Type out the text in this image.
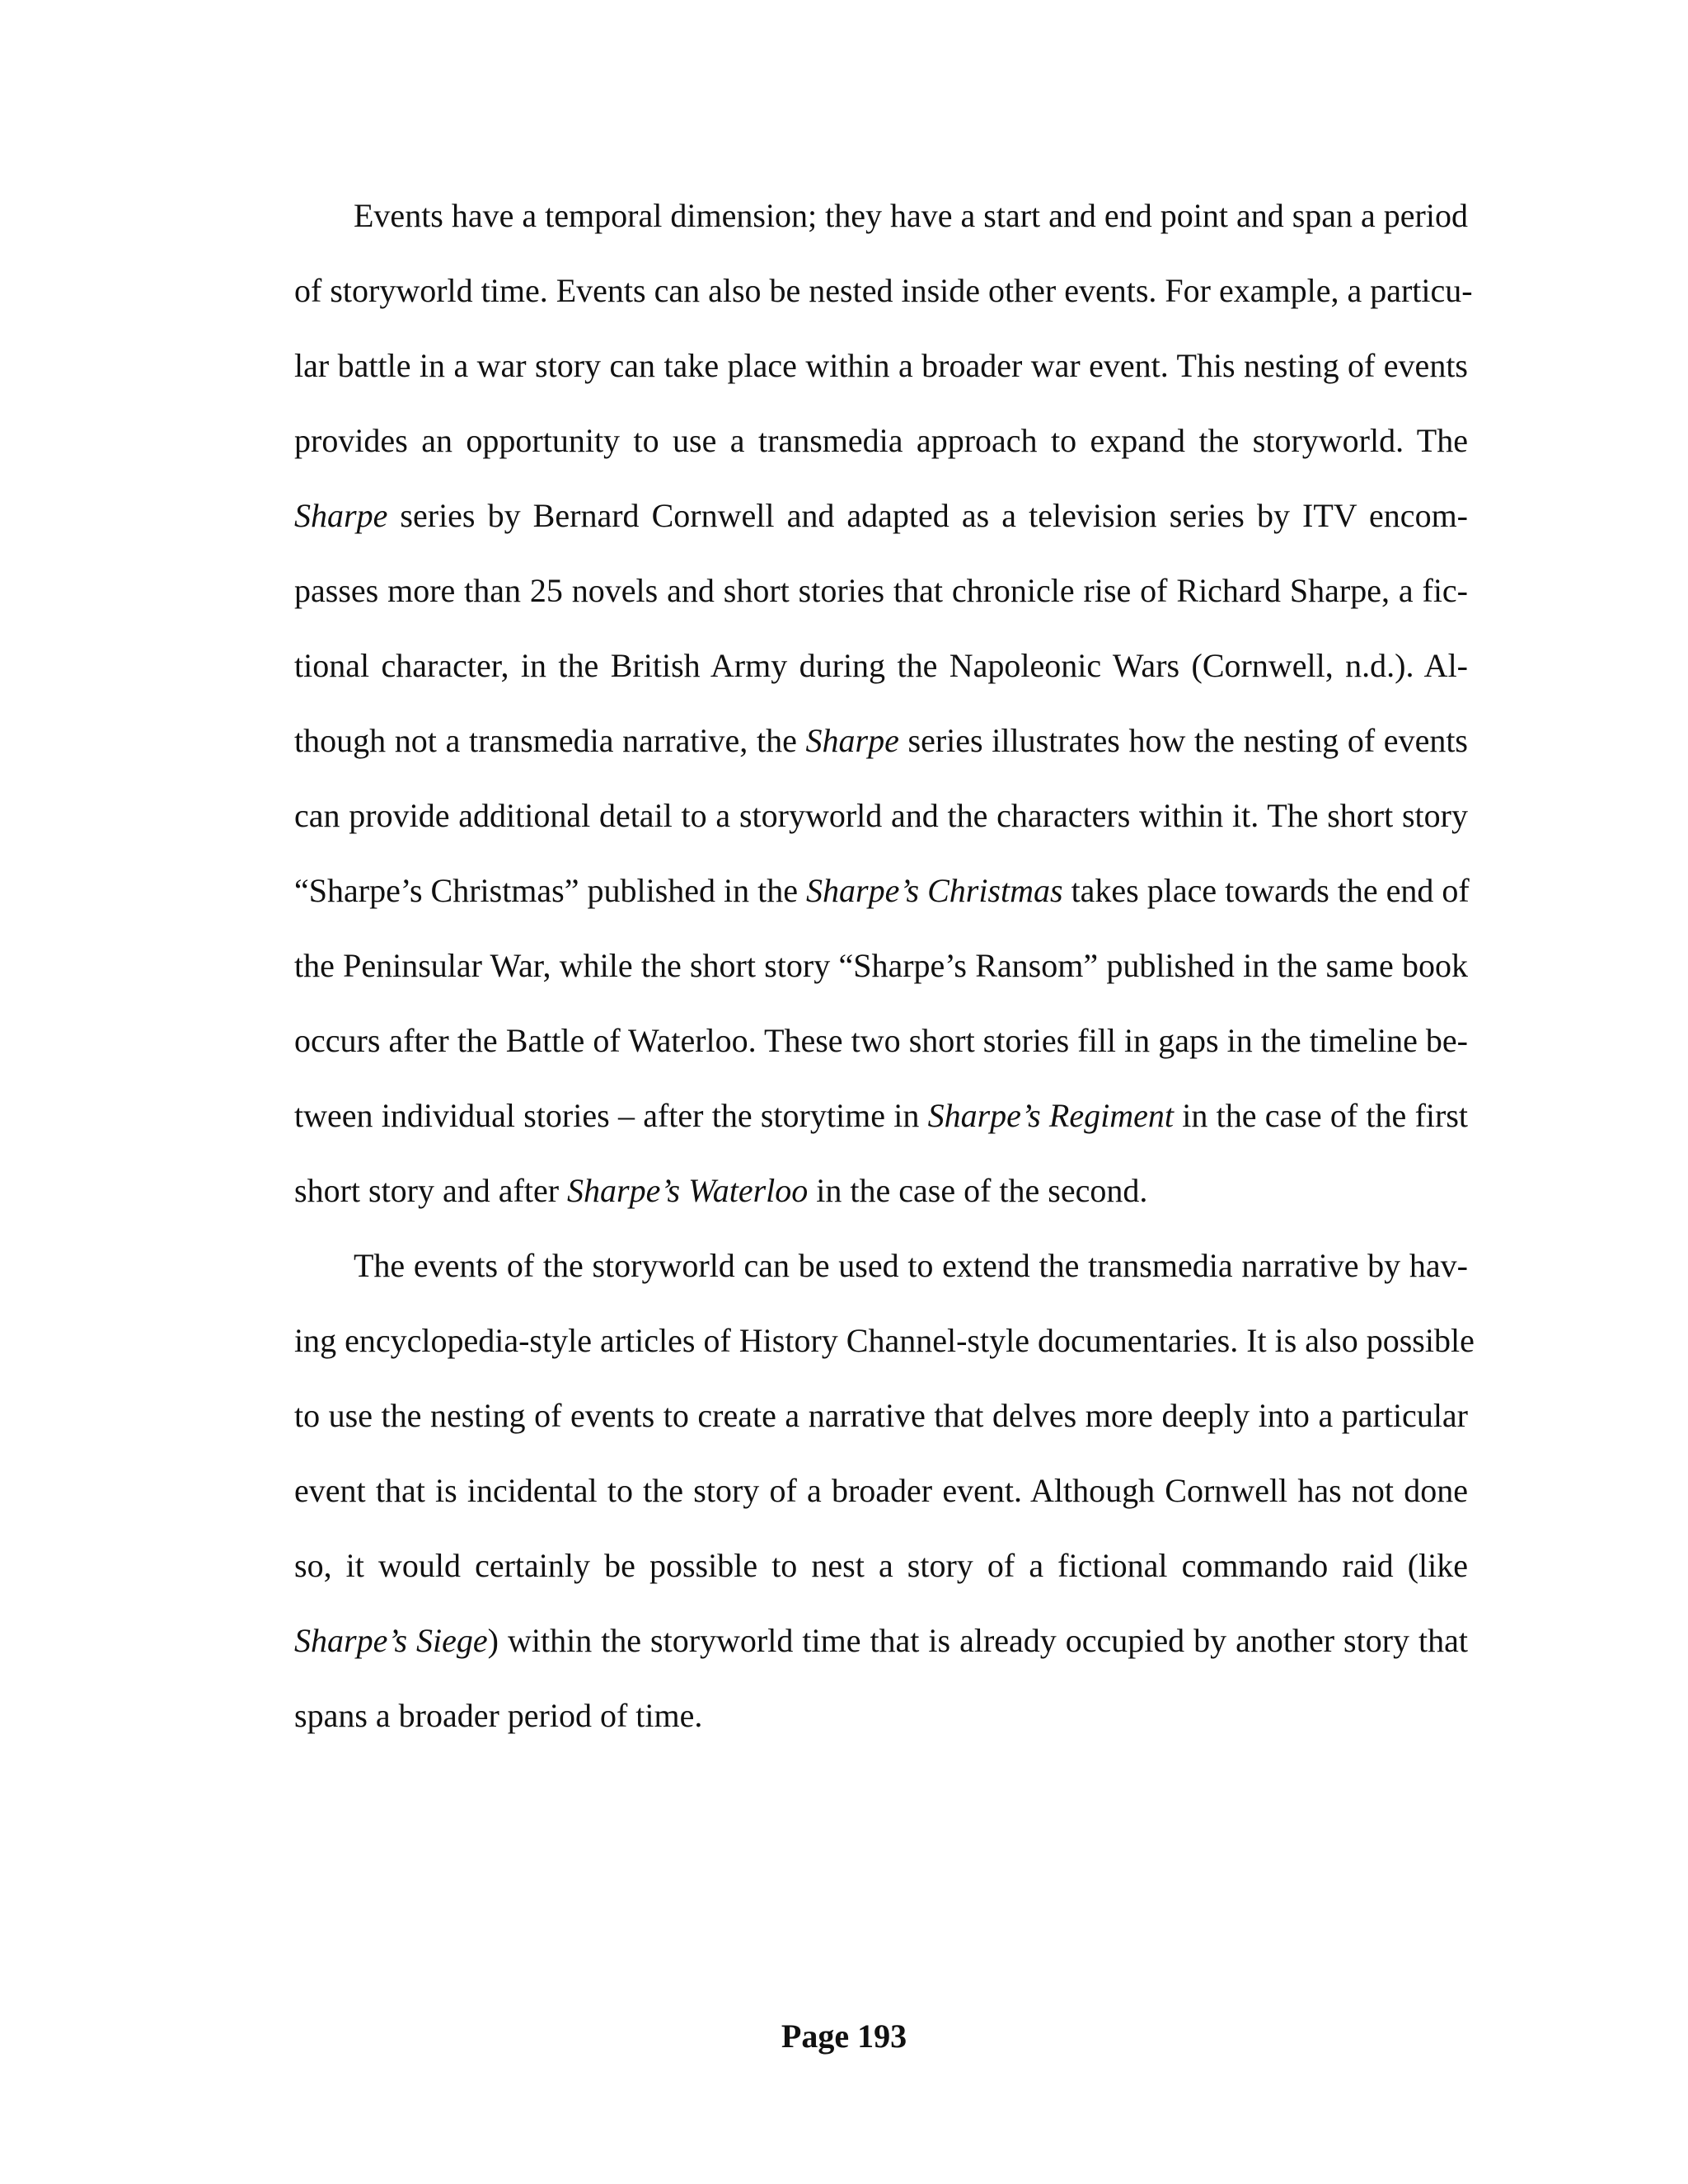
Events have a temporal dimension; they have a start and end point and span a period
of storyworld time. Events can also be nested inside other events. For example, a particu-
lar battle in a war story can take place within a broader war event. This nesting of events
provides an opportunity to use a transmedia approach to expand the storyworld. The
Sharpe series by Bernard Cornwell and adapted as a television series by ITV encom-
passes more than 25 novels and short stories that chronicle rise of Richard Sharpe, a fic-
tional character, in the British Army during the Napoleonic Wars (Cornwell, n.d.). Al-
though not a transmedia narrative, the Sharpe series illustrates how the nesting of events
can provide additional detail to a storyworld and the characters within it. The short story
“Sharpe’s Christmas” published in the Sharpe’s Christmas takes place towards the end of
the Peninsular War, while the short story “Sharpe’s Ransom” published in the same book
occurs after the Battle of Waterloo. These two short stories fill in gaps in the timeline be-
tween individual stories – after the storytime in Sharpe’s Regiment in the case of the first
short story and after Sharpe’s Waterloo in the case of the second.
The events of the storyworld can be used to extend the transmedia narrative by hav-
ing encyclopedia-style articles of History Channel-style documentaries. It is also possible
to use the nesting of events to create a narrative that delves more deeply into a particular
event that is incidental to the story of a broader event. Although Cornwell has not done
so, it would certainly be possible to nest a story of a fictional commando raid (like
Sharpe’s Siege) within the storyworld time that is already occupied by another story that
spans a broader period of time.
Page 193
